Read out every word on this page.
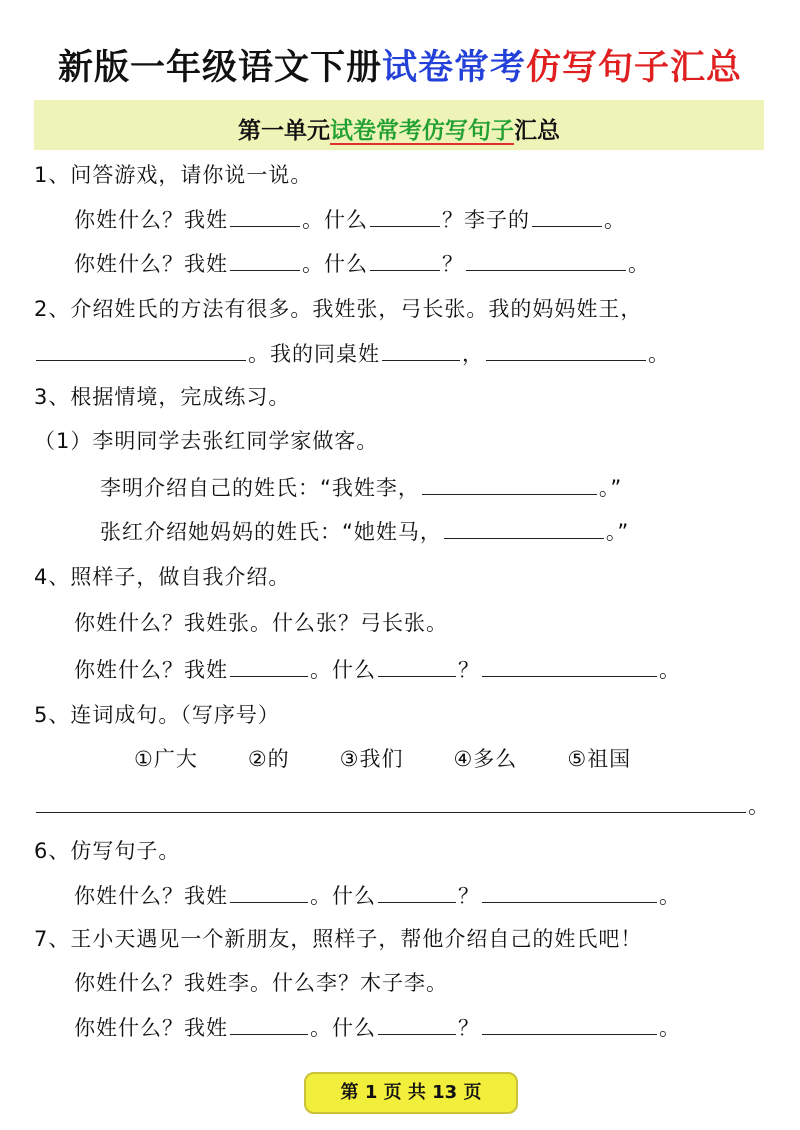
新版一年级语文下册试卷常考仿写句子汇总
第一单元试卷常考仿写句子汇总
1、问答游戏，请你说一说。
你姓什么？我姓	。什么	？李子的	。
你姓什么？我姓	。什么	？	。
2、介绍姓氏的方法有很多。我姓张，弓长张。我的妈妈姓王，
。我的同桌姓	，	。
3、根据情境，完成练习。
（1）李明同学去张红同学家做客。
李明介绍自己的姓氏：“我姓李，	。”
张红介绍她妈妈的姓氏：“她姓马，	。”
4、照样子，做自我介绍。
你姓什么？我姓张。什么张？弓长张。
你姓什么？我姓	。什么	？	。
5、连词成句。（写序号）
①广大 ②的 ③我们 ④多么 ⑤祖国
。
6、仿写句子。
你姓什么？我姓	。什么	？	。
7、王小天遇见一个新朋友，照样子，帮他介绍自己的姓氏吧！
你姓什么？我姓李。什么李？木子李。
你姓什么？我姓	。什么	？	。
第 1 页 共 13 页
